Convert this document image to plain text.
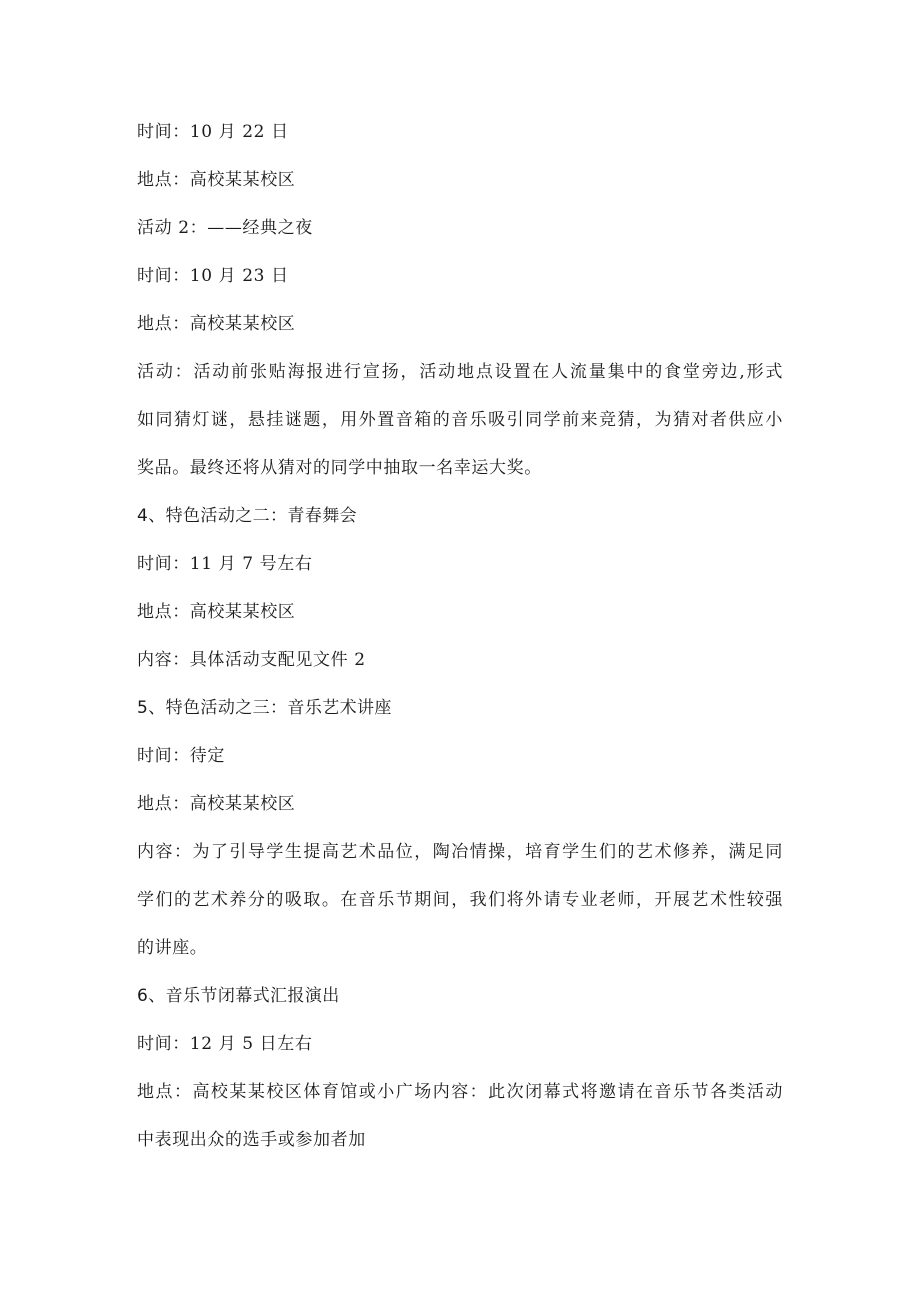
时间：10 月 22 日
地点：高校某某校区
活动 2：——经典之夜
时间：10 月 23 日
地点：高校某某校区
活动：活动前张贴海报进行宣扬，活动地点设置在人流量集中的食堂旁边,形式
如同猜灯谜，悬挂谜题，用外置音箱的音乐吸引同学前来竞猜，为猜对者供应小
奖品。最终还将从猜对的同学中抽取一名幸运大奖。
4、特色活动之二：青春舞会
时间：11 月 7 号左右
地点：高校某某校区
内容：具体活动支配见文件 2
5、特色活动之三：音乐艺术讲座
时间：待定
地点：高校某某校区
内容：为了引导学生提高艺术品位，陶冶情操，培育学生们的艺术修养，满足同
学们的艺术养分的吸取。在音乐节期间，我们将外请专业老师，开展艺术性较强
的讲座。
6、音乐节闭幕式汇报演出
时间：12 月 5 日左右
地点：高校某某校区体育馆或小广场内容：此次闭幕式将邀请在音乐节各类活动
中表现出众的选手或参加者加
